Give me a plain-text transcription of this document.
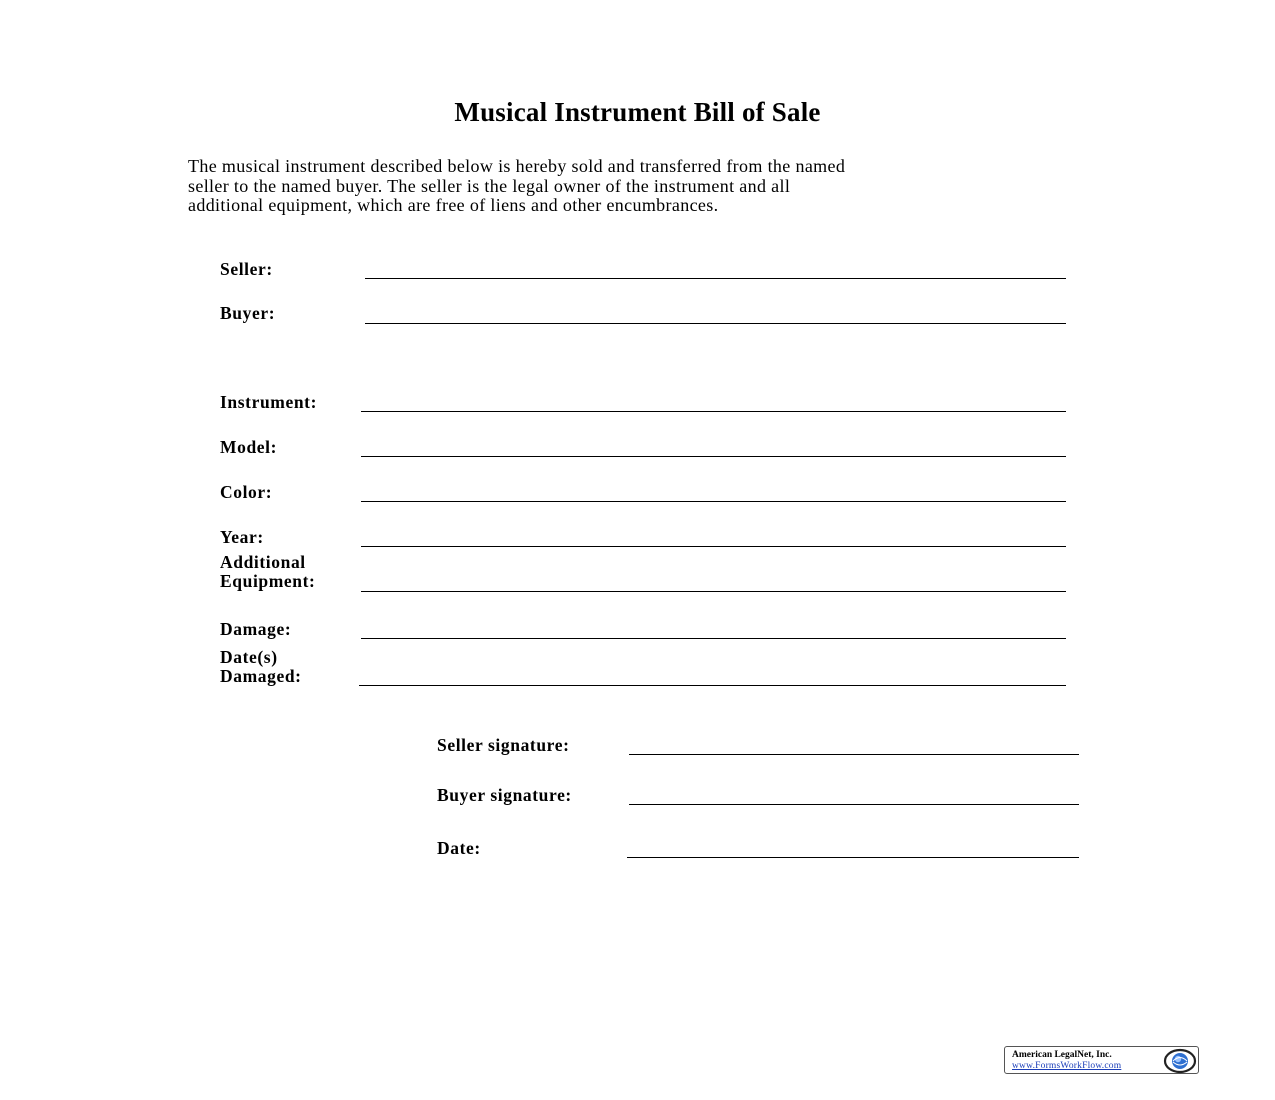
Musical Instrument Bill of Sale
The musical instrument described below is hereby sold and transferred from the named
seller to the named buyer. The seller is the legal owner of the instrument and all
additional equipment, which are free of liens and other encumbrances.
Seller:
Buyer:
Instrument:
Model:
Color:
Year:
Additional
Equipment:
Damage:
Date(s)
Damaged:
Seller signature:
Buyer signature:
Date:
American LegalNet, Inc.
www.FormsWorkFlow.com
